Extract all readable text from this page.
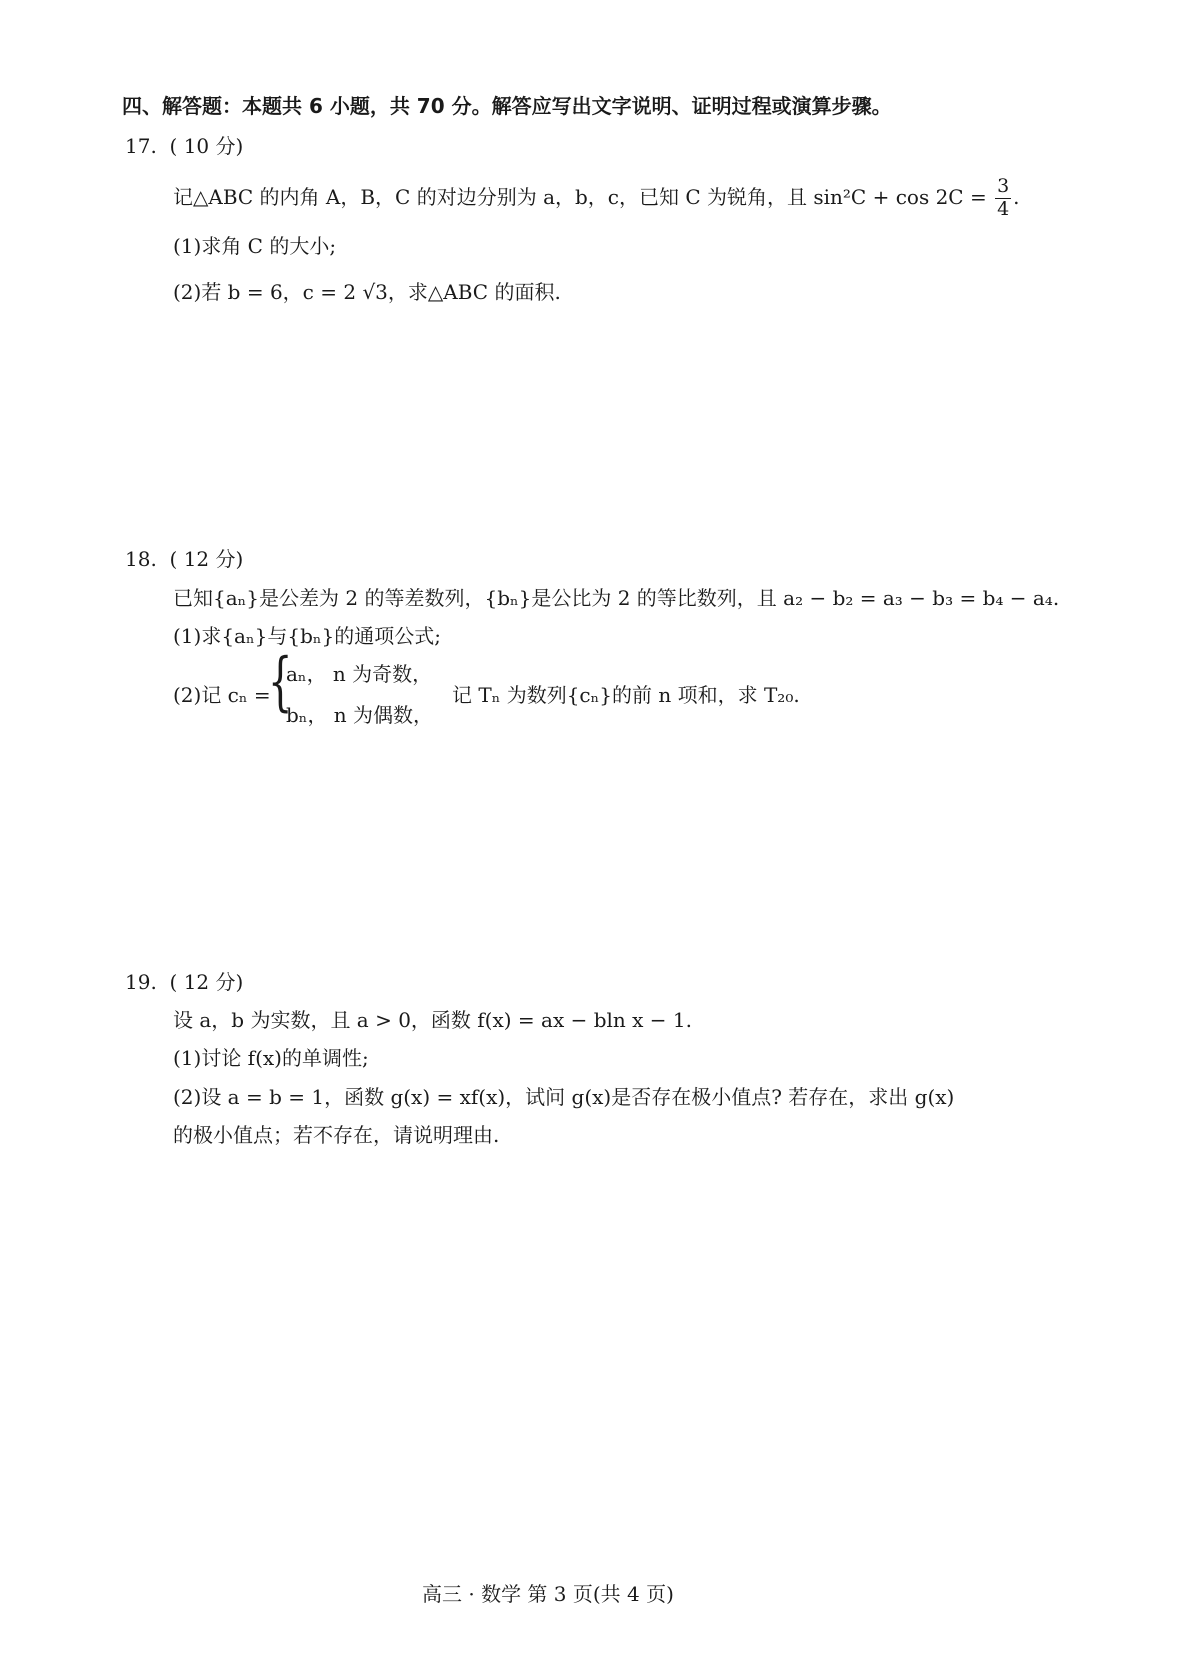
四、解答题：本题共 6 小题，共 70 分。解答应写出文字说明、证明过程或演算步骤。
17. ( 10 分)
记△ABC 的内角 A，B，C 的对边分别为 a，b，c，已知 C 为锐角，且 $\sin^2C + \cos 2C = \frac{3}{4}$ .
(1)求角 C 的大小;
(2)若 b = 6，c = 2 √3，求△ABC 的面积.
18. ( 12 分)
已知{aₙ}是公差为 2 的等差数列，{bₙ}是公比为 2 的等比数列，且 a₂ − b₂ = a₃ − b₃ = b₄ − a₄.
(1)求{aₙ}与{bₙ}的通项公式;
(2)记 cₙ =
{
aₙ， n 为奇数，
bₙ， n 为偶数，
记 Tₙ 为数列{cₙ}的前 n 项和，求 T₂₀.
19. ( 12 分)
设 a，b 为实数，且 a > 0，函数 f(x) = ax − bln x − 1.
(1)讨论 f(x)的单调性;
(2)设 a = b = 1，函数 g(x) = xf(x)，试问 g(x)是否存在极小值点? 若存在，求出 g(x)
的极小值点；若不存在，请说明理由.
高三 · 数学 第 3 页(共 4 页)
